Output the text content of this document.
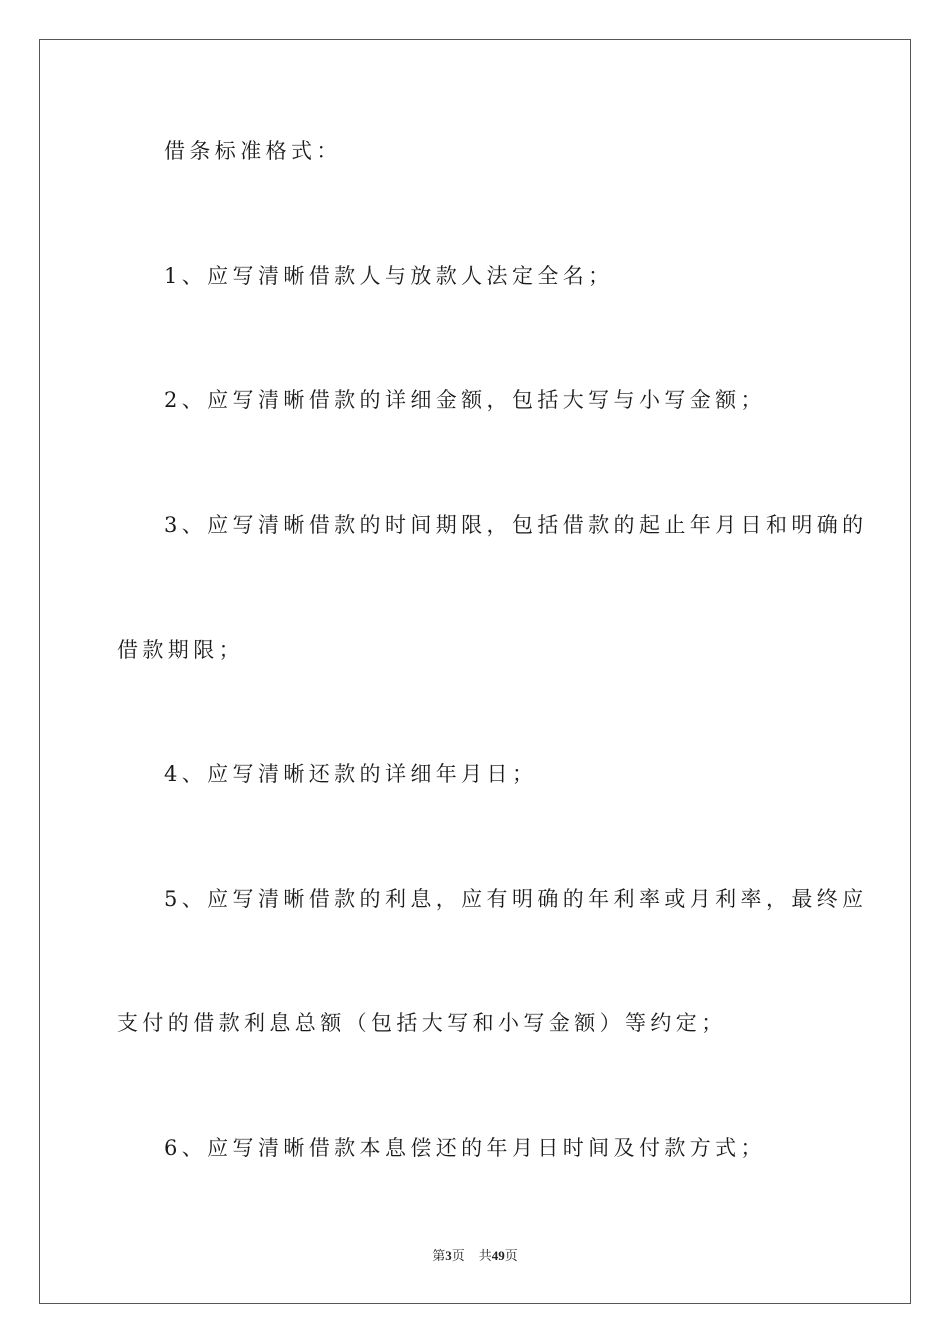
借条标准格式：
1、应写清晰借款人与放款人法定全名；
2、应写清晰借款的详细金额，包括大写与小写金额；
3、应写清晰借款的时间期限，包括借款的起止年月日和明确的
借款期限；
4、应写清晰还款的详细年月日；
5、应写清晰借款的利息，应有明确的年利率或月利率，最终应
支付的借款利息总额（包括大写和小写金额）等约定；
6、应写清晰借款本息偿还的年月日时间及付款方式；
第3页 共49页
